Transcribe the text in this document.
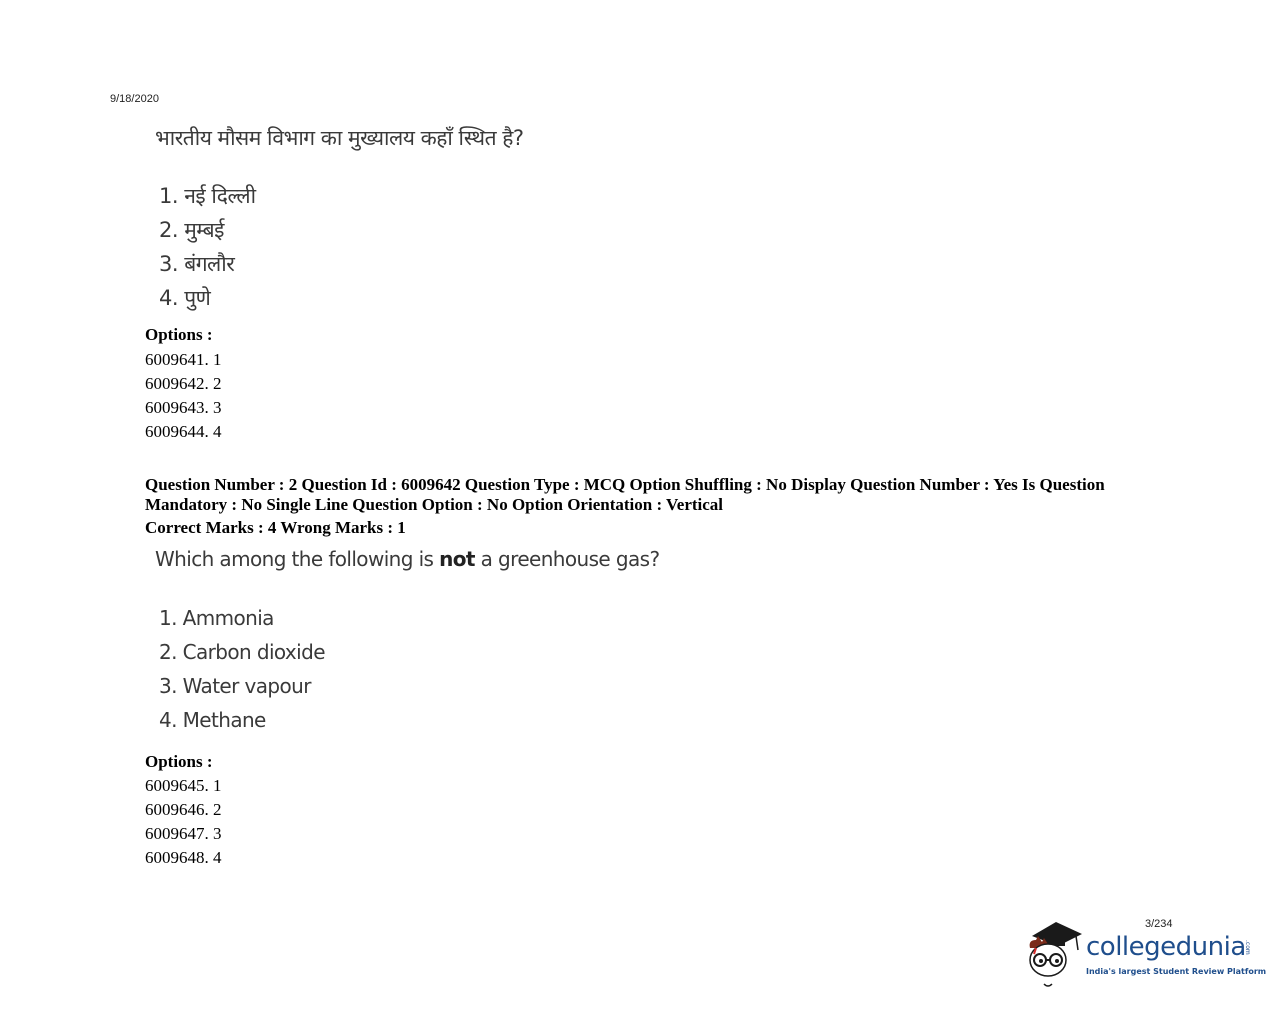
9/18/2020
भारतीय मौसम विभाग का मुख्यालय कहाँ स्थित है?
1. नई दिल्ली
2. मुम्बई
3. बंगलौर
4. पुणे
Options :
6009641. 1
6009642. 2
6009643. 3
6009644. 4
Question Number : 2 Question Id : 6009642 Question Type : MCQ Option Shuffling : No Display Question Number : Yes Is Question Mandatory : No Single Line Question Option : No Option Orientation : Vertical
Correct Marks : 4 Wrong Marks : 1
Which among the following is not a greenhouse gas?
1. Ammonia
2. Carbon dioxide
3. Water vapour
4. Methane
Options :
6009645. 1
6009646. 2
6009647. 3
6009648. 4
3/234
collegedunia
.com
India's largest Student Review Platform
